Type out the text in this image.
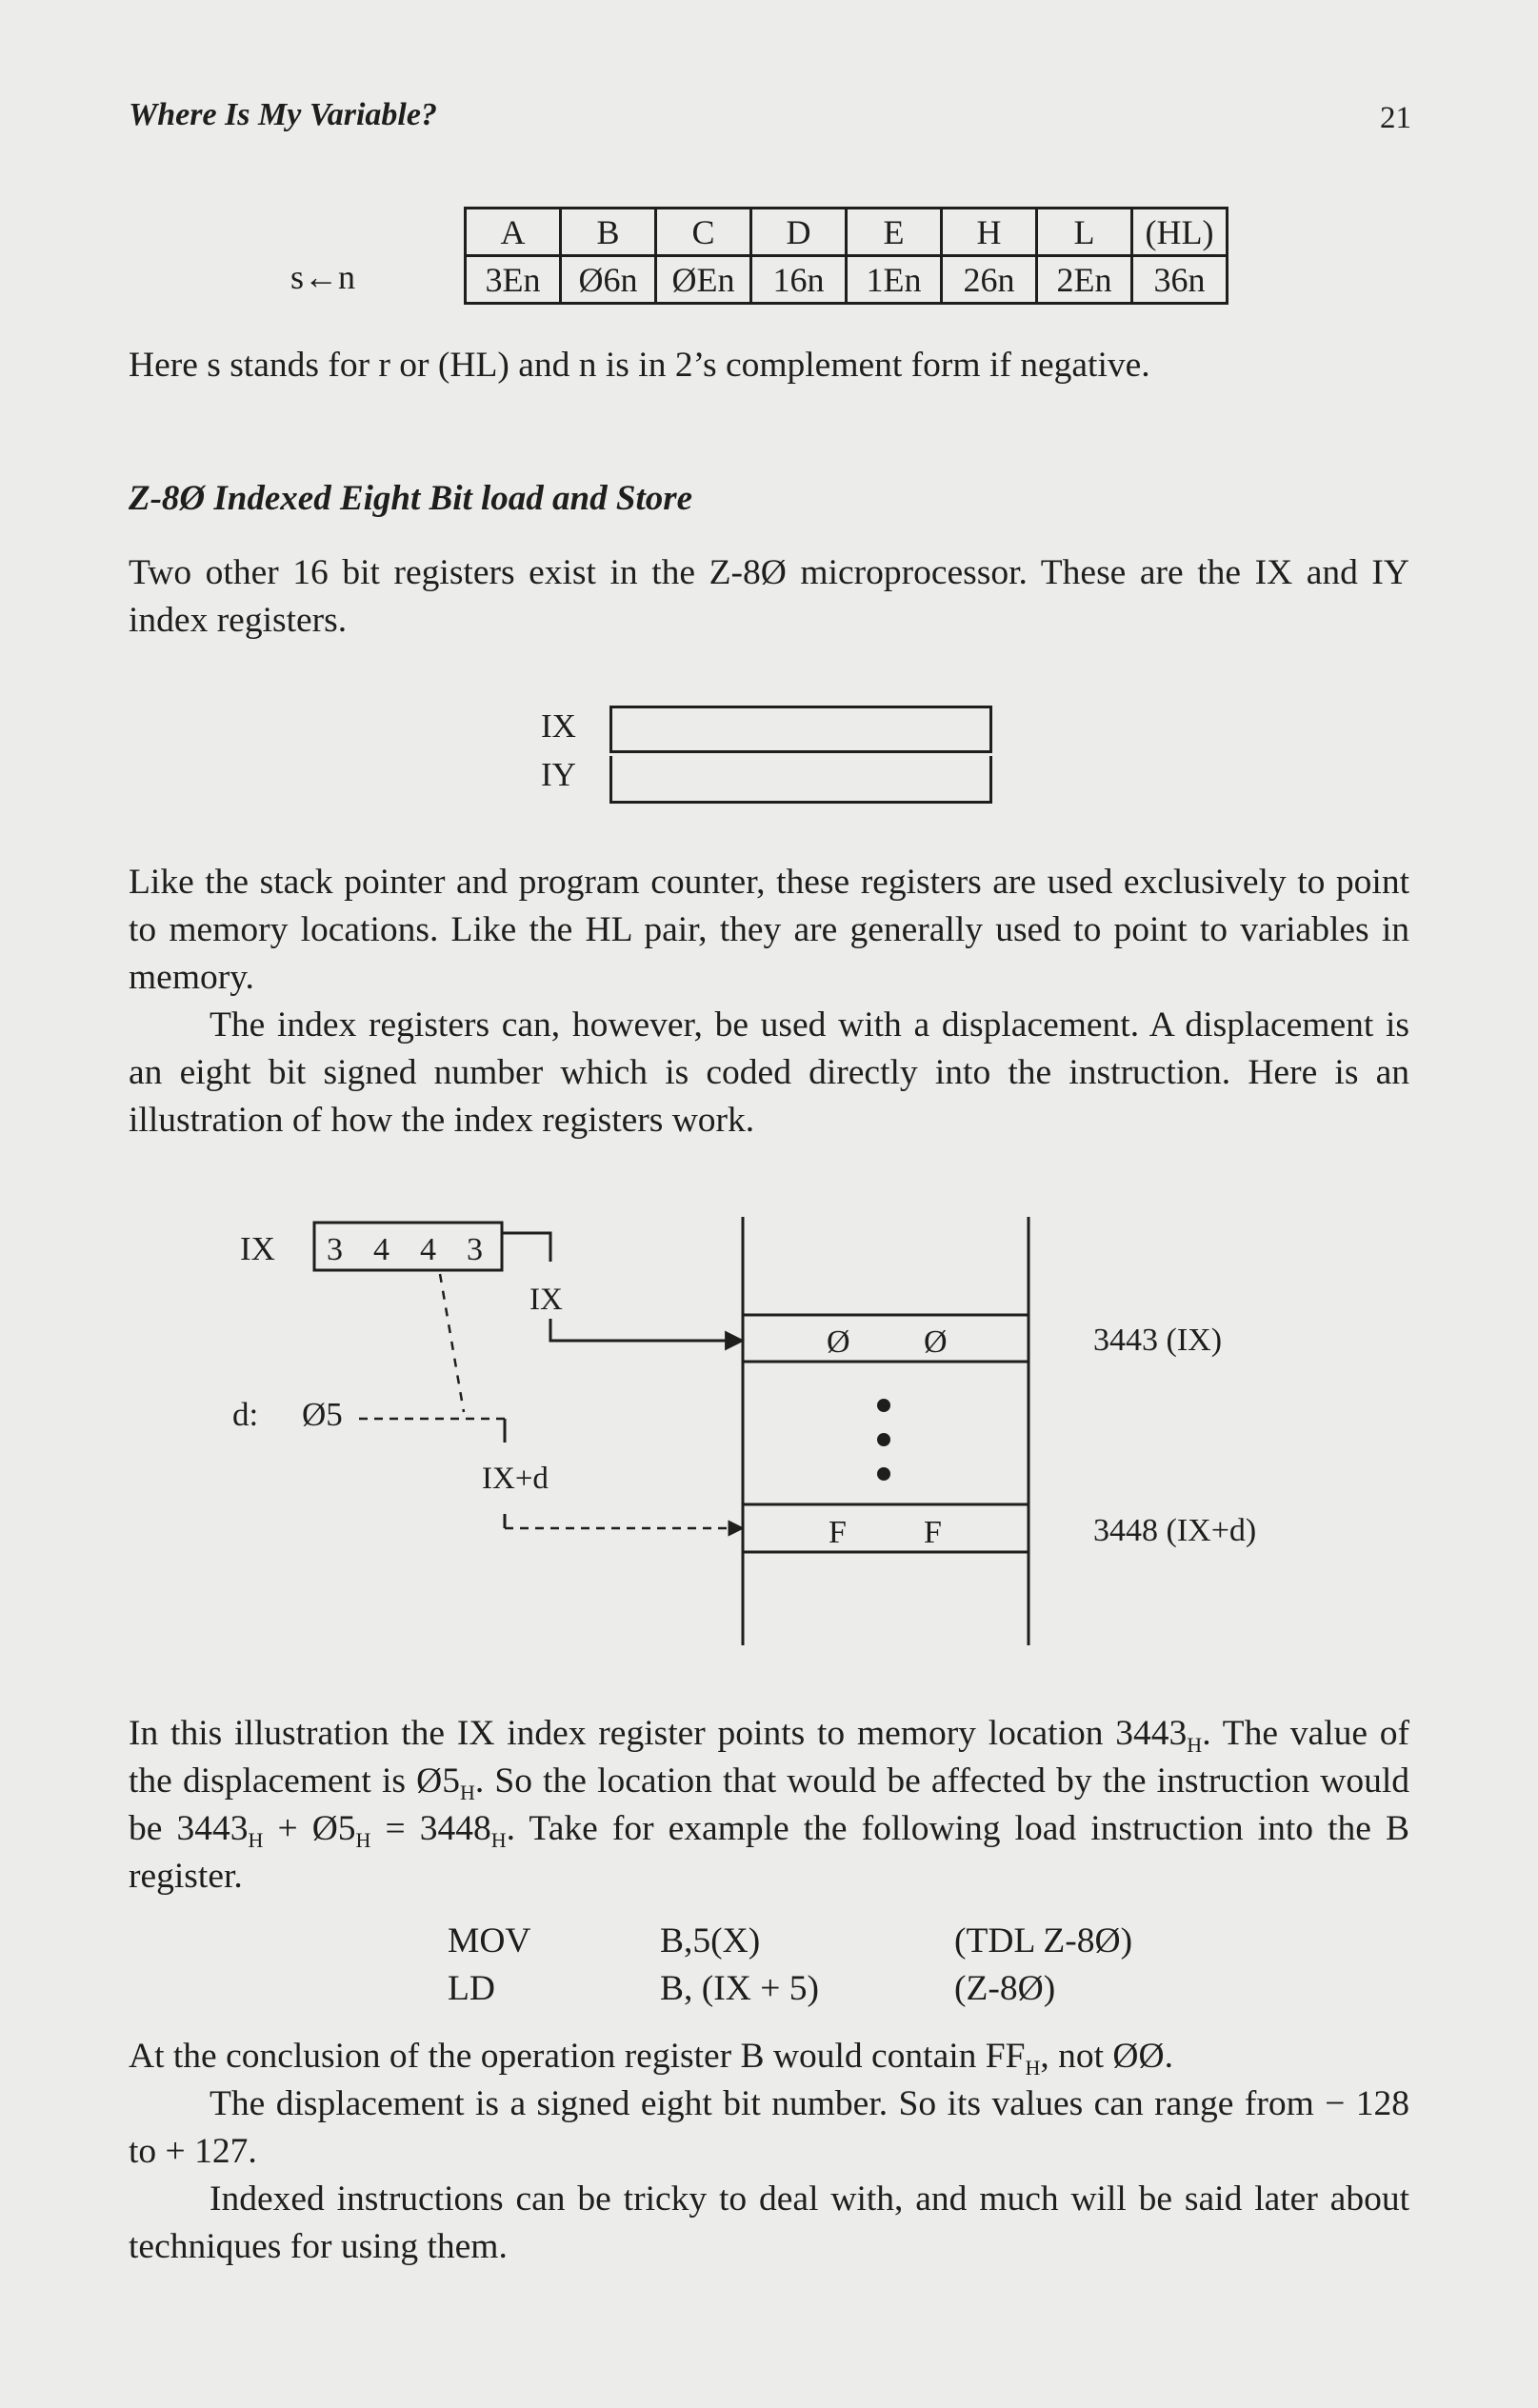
Where Is My Variable?	21
s←n
A	B	C	D	E	H	L	(HL)
3En	Ø6n	ØEn	16n	1En	26n	2En	36n

Here s stands for r or (HL) and n is in 2’s complement form if negative.

Z-8Ø Indexed Eight Bit load and Store

Two other 16 bit registers exist in the Z-8Ø microprocessor. These are the IX and IY index registers.

IX
IY

Like the stack pointer and program counter, these registers are used exclusively to point to memory locations. Like the HL pair, they are generally used to point to variables in memory.

The index registers can, however, be used with a displacement. A displacement is an eight bit signed number which is coded directly into the instruction. Here is an illustration of how the index registers work.

IX 3 4 4 3
IX
d: Ø5
IX+d
Ø Ø
F F
3443 (IX)
3448 (IX+d)

In this illustration the IX index register points to memory location $3443_H$. The value of the displacement is $Ø5_H$. So the location that would be affected by the instruction would be $3443_H$ + $Ø5_H = 3448_H$. Take for example the following load instruction into the B register.

MOV	B,5(X)	(TDL Z-8Ø)
LD	B, (IX + 5)	(Z-8Ø)

At the conclusion of the operation register B would contain $FF_H$, not ØØ.

The displacement is a signed eight bit number. So its values can range from − 128 to + 127.

Indexed instructions can be tricky to deal with, and much will be said later about techniques for using them.
